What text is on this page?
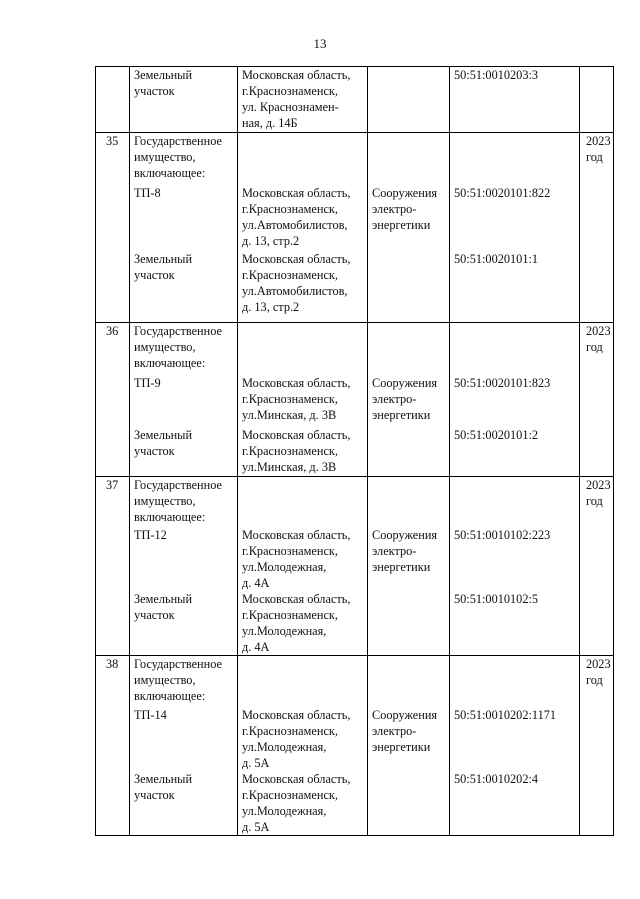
13
	Земельный
участок	Московская область,
г.Краснознаменск,
ул. Краснознамен-
ная, д. 14Б		50:51:0010203:3	
35	Государственное
имущество,
включающее:				2023
год
	ТП-8	Московская область,
г.Краснознаменск,
ул.Автомобилистов,
д. 13, стр.2	Сооружения
электро-
энергетики	50:51:0020101:822	
	Земельный
участок	Московская область,
г.Краснознаменск,
ул.Автомобилистов,
д. 13, стр.2		50:51:0020101:1	
36	Государственное
имущество,
включающее:				2023
год
	ТП-9	Московская область,
г.Краснознаменск,
ул.Минская, д. 3В	Сооружения
электро-
энергетики	50:51:0020101:823	
	Земельный
участок	Московская область,
г.Краснознаменск,
ул.Минская, д. 3В		50:51:0020101:2	
37	Государственное
имущество,
включающее:				2023
год
	ТП-12	Московская область,
г.Краснознаменск,
ул.Молодежная,
д. 4А	Сооружения
электро-
энергетики	50:51:0010102:223	
	Земельный
участок	Московская область,
г.Краснознаменск,
ул.Молодежная,
д. 4А		50:51:0010102:5	
38	Государственное
имущество,
включающее:				2023
год
	ТП-14	Московская область,
г.Краснознаменск,
ул.Молодежная,
д. 5А	Сооружения
электро-
энергетики	50:51:0010202:1171	
	Земельный
участок	Московская область,
г.Краснознаменск,
ул.Молодежная,
д. 5А		50:51:0010202:4	
